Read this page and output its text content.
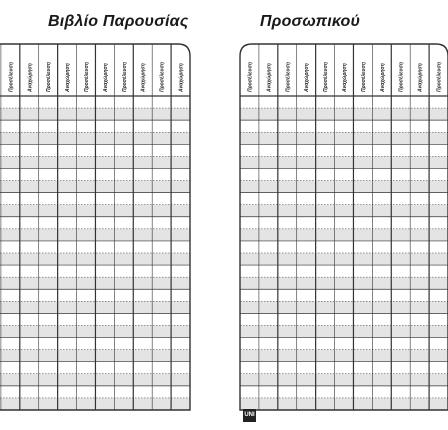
Βιβλίο Παρουσίας	Προσωπικού
Προσέλευση	Αναχώρηση	Προσέλευση	Αναχώρηση	Προσέλευση	Αναχώρηση	Προσέλευση	Αναχώρηση	Προσέλευση	Αναχώρηση	Προσέλευση	Αναχώρηση	Προσέλευση	Αναχώρηση	Προσέλευση	Αναχώρηση	Προσέλευση	Αναχώρηση	Προσέλευση	Αναχώρηση	Προσέλευση
UNI
